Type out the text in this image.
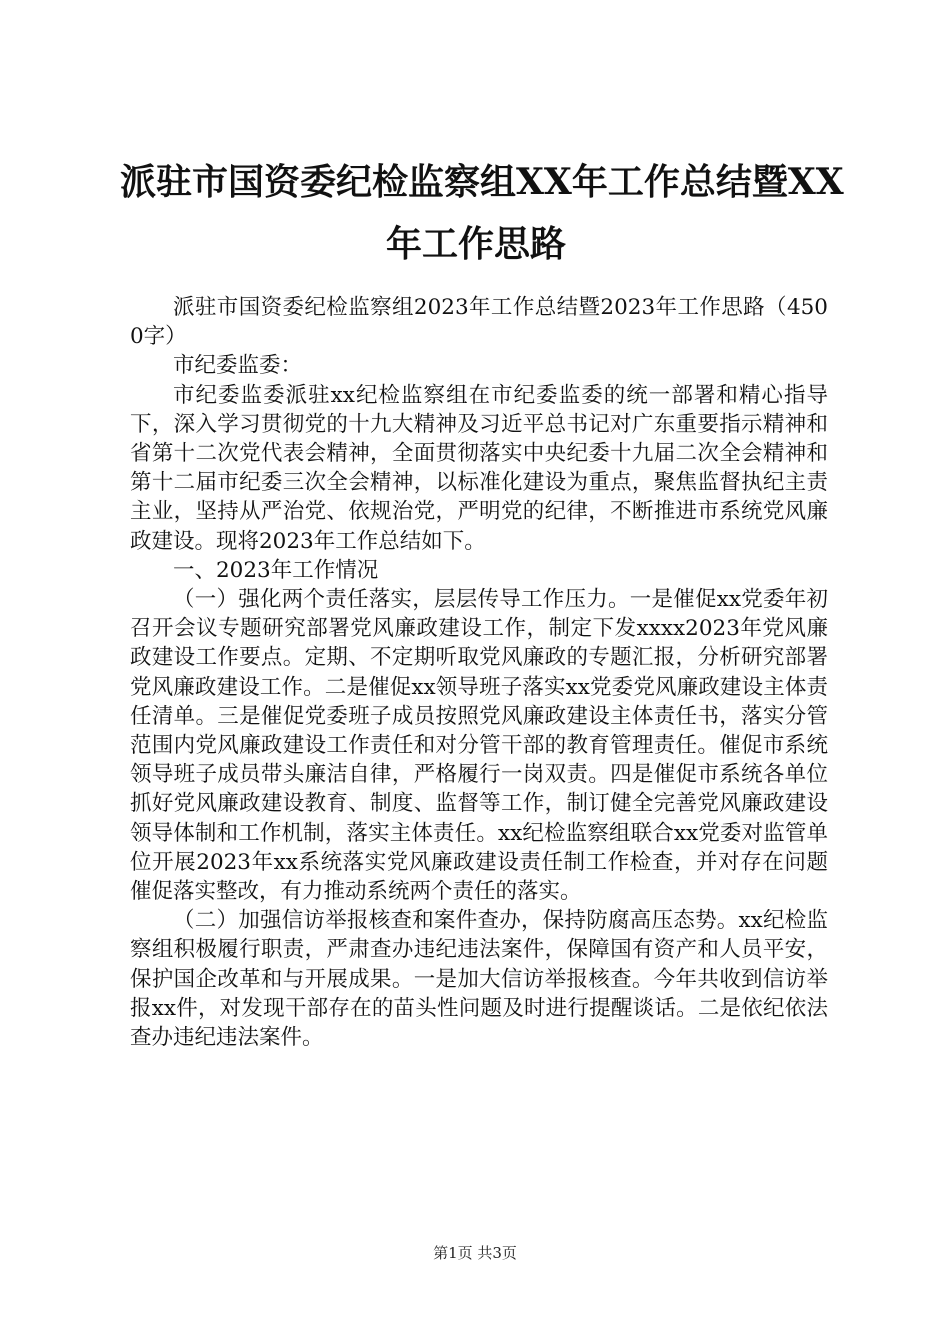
派驻市国资委纪检监察组XX年工作总结暨XX
年工作思路

派驻市国资委纪检监察组2023年工作总结暨2023年工作思路（4500字）

市纪委监委：

市纪委监委派驻xx纪检监察组在市纪委监委的统一部署和精心指导下，深入学习贯彻党的十九大精神及习近平总书记对广东重要指示精神和省第十二次党代表会精神，全面贯彻落实中央纪委十九届二次全会精神和第十二届市纪委三次全会精神，以标准化建设为重点，聚焦监督执纪主责主业，坚持从严治党、依规治党，严明党的纪律，不断推进市系统党风廉政建设。现将2023年工作总结如下。

一、2023年工作情况

（一）强化两个责任落实，层层传导工作压力。一是催促xx党委年初召开会议专题研究部署党风廉政建设工作，制定下发xxxx2023年党风廉政建设工作要点。定期、不定期听取党风廉政的专题汇报，分析研究部署党风廉政建设工作。二是催促xx领导班子落实xx党委党风廉政建设主体责任清单。三是催促党委班子成员按照党风廉政建设主体责任书，落实分管范围内党风廉政建设工作责任和对分管干部的教育管理责任。催促市系统领导班子成员带头廉洁自律，严格履行一岗双责。四是催促市系统各单位抓好党风廉政建设教育、制度、监督等工作，制订健全完善党风廉政建设领导体制和工作机制，落实主体责任。xx纪检监察组联合xx党委对监管单位开展2023年xx系统落实党风廉政建设责任制工作检查，并对存在问题催促落实整改，有力推动系统两个责任的落实。

（二）加强信访举报核查和案件查办，保持防腐高压态势。xx纪检监察组积极履行职责，严肃查办违纪违法案件，保障国有资产和人员平安，保护国企改革和与开展成果。一是加大信访举报核查。今年共收到信访举报xx件，对发现干部存在的苗头性问题及时进行提醒谈话。二是依纪依法查办违纪违法案件。

第1页 共3页
